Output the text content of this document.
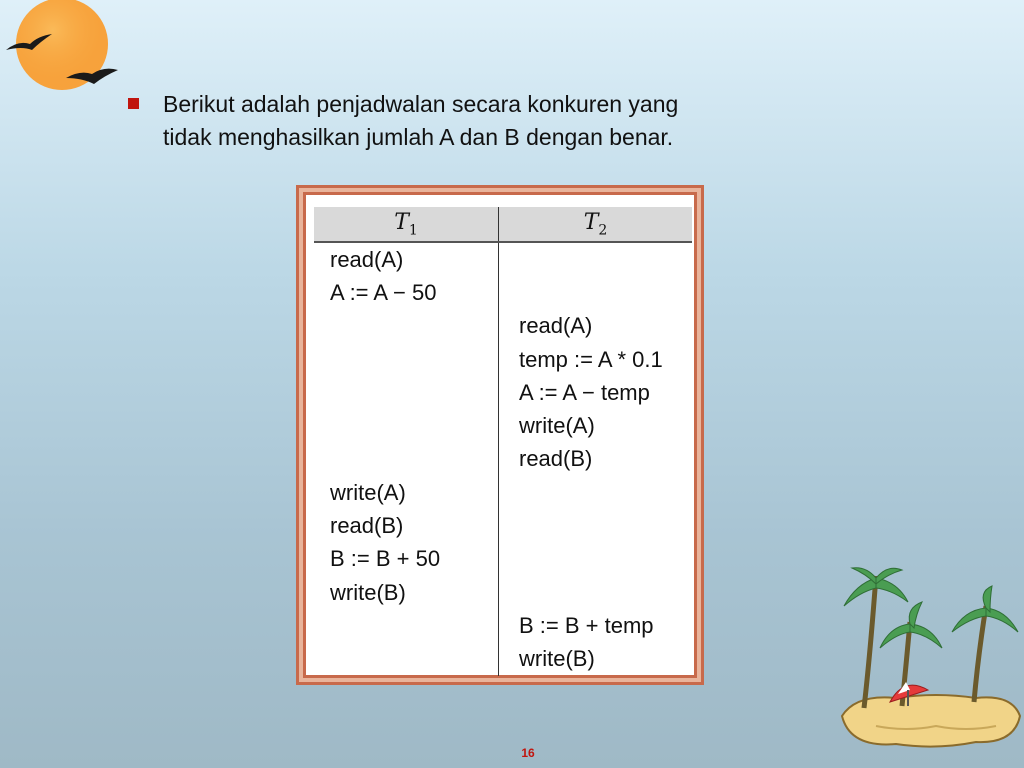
Berikut adalah penjadwalan secara konkuren yang
tidak menghasilkan jumlah A dan B dengan benar.
$T_1$	$T_2$
read(A)	
A := A − 50	
	read(A)
	temp := A * 0.1
	A := A − temp
	write(A)
	read(B)
write(A)	
read(B)	
B := B + 50	
write(B)	
	B := B + temp
	write(B)
16
